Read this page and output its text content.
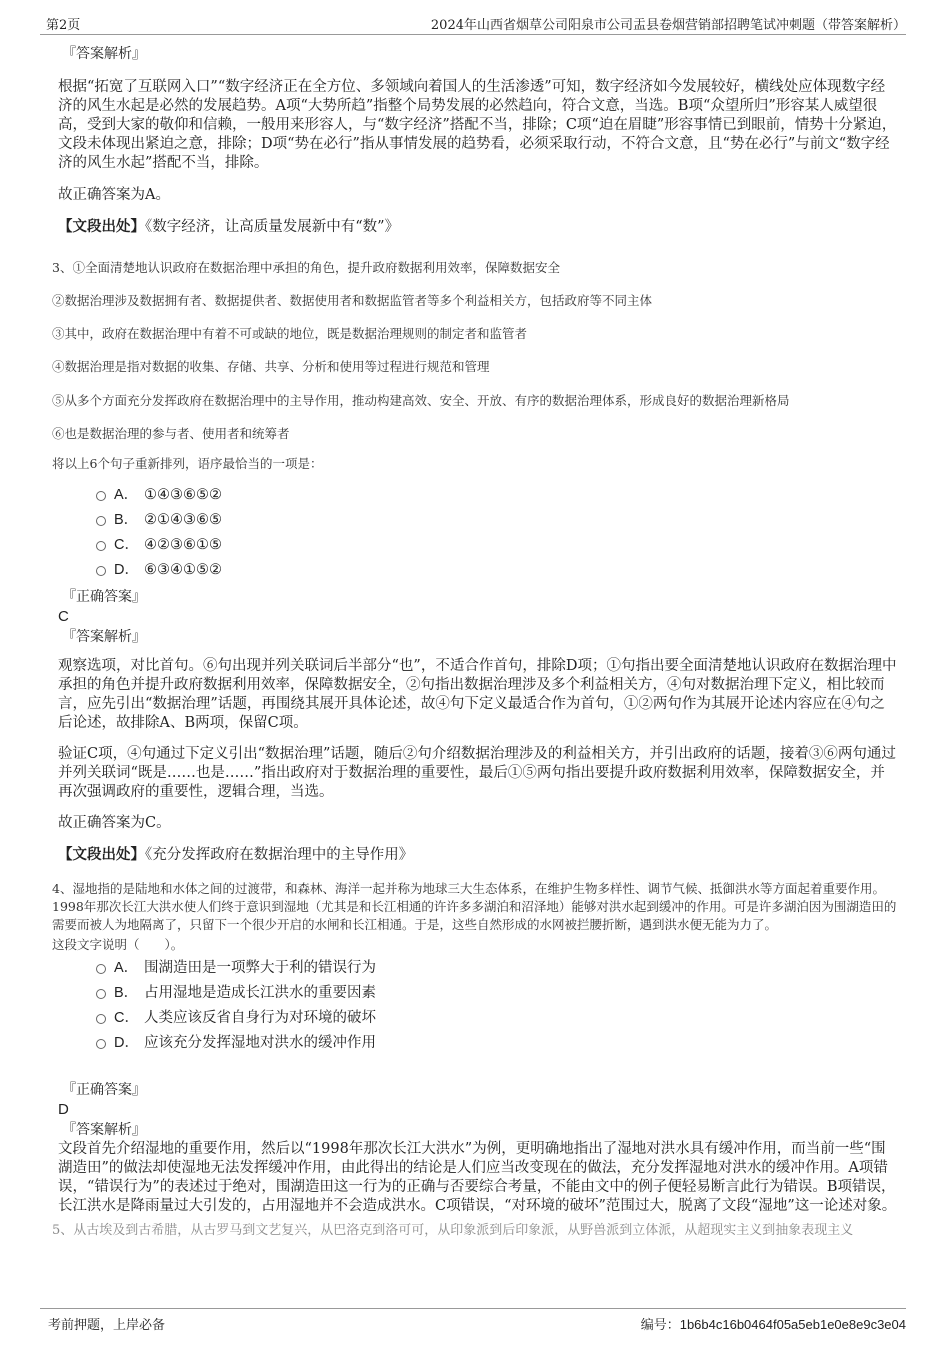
第2页	2024年山西省烟草公司阳泉市公司盂县卷烟营销部招聘笔试冲刺题（带答案解析）
『答案解析』

根据“拓宽了互联网入口”“数字经济正在全方位、多领域向着国人的生活渗透”可知，数字经济如今发展较好，横线处应体现数字经济的风生水起是必然的发展趋势。A项“大势所趋”指整个局势发展的必然趋向，符合文意，当选。B项“众望所归”形容某人威望很高，受到大家的敬仰和信赖，一般用来形容人，与“数字经济”搭配不当，排除；C项“迫在眉睫”形容事情已到眼前，情势十分紧迫，文段未体现出紧迫之意，排除；D项“势在必行”指从事情发展的趋势看，必须采取行动，不符合文意，且“势在必行”与前文“数字经济的风生水起”搭配不当，排除。

故正确答案为A。

【文段出处】《数字经济，让高质量发展新中有“数”》

3、①全面清楚地认识政府在数据治理中承担的角色，提升政府数据利用效率，保障数据安全
②数据治理涉及数据拥有者、数据提供者、数据使用者和数据监管者等多个利益相关方，包括政府等不同主体
③其中，政府在数据治理中有着不可或缺的地位，既是数据治理规则的制定者和监管者
④数据治理是指对数据的收集、存储、共享、分析和使用等过程进行规范和管理
⑤从多个方面充分发挥政府在数据治理中的主导作用，推动构建高效、安全、开放、有序的数据治理体系，形成良好的数据治理新格局
⑥也是数据治理的参与者、使用者和统筹者
将以上6个句子重新排列，语序最恰当的一项是：
A． ①④③⑥⑤②
B． ②①④③⑥⑤
C． ④②③⑥①⑤
D． ⑥③④①⑤②
『正确答案』
C
『答案解析』

观察选项，对比首句。⑥句出现并列关联词后半部分“也”，不适合作首句，排除D项；①句指出要全面清楚地认识政府在数据治理中承担的角色并提升政府数据利用效率，保障数据安全，②句指出数据治理涉及多个利益相关方，④句对数据治理下定义，相比较而言，应先引出“数据治理”话题，再围绕其展开具体论述，故④句下定义最适合作为首句，①②两句作为其展开论述内容应在④句之后论述，故排除A、B两项，保留C项。

验证C项，④句通过下定义引出“数据治理”话题，随后②句介绍数据治理涉及的利益相关方，并引出政府的话题，接着③⑥两句通过并列关联词“既是……也是……”指出政府对于数据治理的重要性，最后①⑤两句指出要提升政府数据利用效率，保障数据安全，并再次强调政府的重要性，逻辑合理，当选。

故正确答案为C。

【文段出处】《充分发挥政府在数据治理中的主导作用》

4、湿地指的是陆地和水体之间的过渡带，和森林、海洋一起并称为地球三大生态体系，在维护生物多样性、调节气候、抵御洪水等方面起着重要作用。1998年那次长江大洪水使人们终于意识到湿地（尤其是和长江相通的许许多多湖泊和沼泽地）能够对洪水起到缓冲的作用。可是许多湖泊因为围湖造田的需要而被人为地隔离了，只留下一个很少开启的水闸和长江相通。于是，这些自然形成的水网被拦腰折断，遇到洪水便无能为力了。
这段文字说明（　　）。
A． 围湖造田是一项弊大于利的错误行为
B． 占用湿地是造成长江洪水的重要因素
C． 人类应该反省自身行为对环境的破坏
D． 应该充分发挥湿地对洪水的缓冲作用
『正确答案』
D
『答案解析』

文段首先介绍湿地的重要作用，然后以“1998年那次长江大洪水”为例，更明确地指出了湿地对洪水具有缓冲作用，而当前一些“围湖造田”的做法却使湿地无法发挥缓冲作用，由此得出的结论是人们应当改变现在的做法，充分发挥湿地对洪水的缓冲作用。A项错误，“错误行为”的表述过于绝对，围湖造田这一行为的正确与否要综合考量，不能由文中的例子便轻易断言此行为错误。B项错误，长江洪水是降雨量过大引发的，占用湿地并不会造成洪水。C项错误，“对环境的破坏”范围过大，脱离了文段“湿地”这一论述对象。

5、从古埃及到古希腊，从古罗马到文艺复兴，从巴洛克到洛可可，从印象派到后印象派，从野兽派到立体派，从超现实主义到抽象表现主义
考前押题，上岸必备	编号：1b6b4c16b0464f05a5eb1e0e8e9c3e04
